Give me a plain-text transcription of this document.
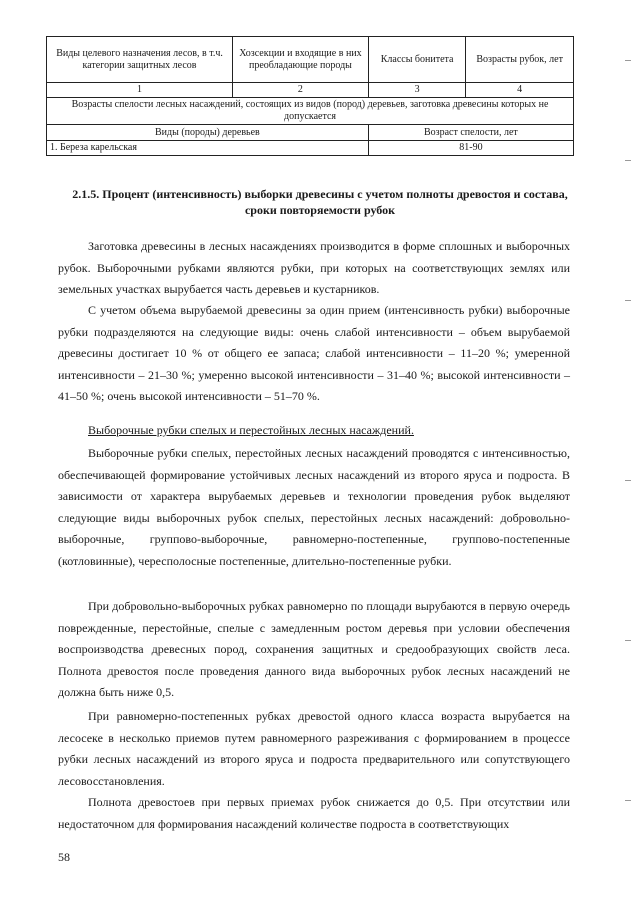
Виды целевого назначения лесов, в т.ч. категории защитных лесов	Хозсекции и входящие в них преобладающие породы	Классы бонитета	Возрасты рубок, лет
1	2	3	4
Возрасты спелости лесных насаждений, состоящих из видов (пород) деревьев, заготовка древесины которых не допускается			
Виды (породы) деревьев		Возраст спелости, лет	
1. Береза карельская		81-90	
2.1.5. Процент (интенсивность) выборки древесины с учетом полноты древостоя и состава, сроки повторяемости рубок
Заготовка древесины в лесных насаждениях производится в форме сплошных и выборочных рубок. Выборочными рубками являются рубки, при которых на соответствующих землях или земельных участках вырубается часть деревьев и кустарников.
С учетом объема вырубаемой древесины за один прием (интенсивность рубки) выборочные рубки подразделяются на следующие виды: очень слабой интенсивности – объем вырубаемой древесины достигает 10 % от общего ее запаса; слабой интенсивности – 11–20 %; умеренной интенсивности – 21–30 %; умеренно высокой интенсивности – 31–40 %; высокой интенсивности – 41–50 %; очень высокой интенсивности – 51–70 %.
Выборочные рубки спелых и перестойных лесных насаждений.
Выборочные рубки спелых, перестойных лесных насаждений проводятся с интенсивностью, обеспечивающей формирование устойчивых лесных насаждений из второго яруса и подроста. В зависимости от характера вырубаемых деревьев и технологии проведения рубок выделяют следующие виды выборочных рубок спелых, перестойных лесных насаждений: добровольно-выборочные, группово-выборочные, равномерно-постепенные, группово-постепенные (котловинные), чересполосные постепенные, длительно-постепенные рубки.
При добровольно-выборочных рубках равномерно по площади вырубаются в первую очередь поврежденные, перестойные, спелые с замедленным ростом деревья при условии обеспечения воспроизводства древесных пород, сохранения защитных и средообразующих свойств леса. Полнота древостоя после проведения данного вида выборочных рубок лесных насаждений не должна быть ниже 0,5.
При равномерно-постепенных рубках древостой одного класса возраста вырубается на лесосеке в несколько приемов путем равномерного разреживания с формированием в процессе рубки лесных насаждений из второго яруса и подроста предварительного или сопутствующего лесовосстановления.
Полнота древостоев при первых приемах рубок снижается до 0,5. При отсутствии или недостаточном для формирования насаждений количестве подроста в соответствующих
58
